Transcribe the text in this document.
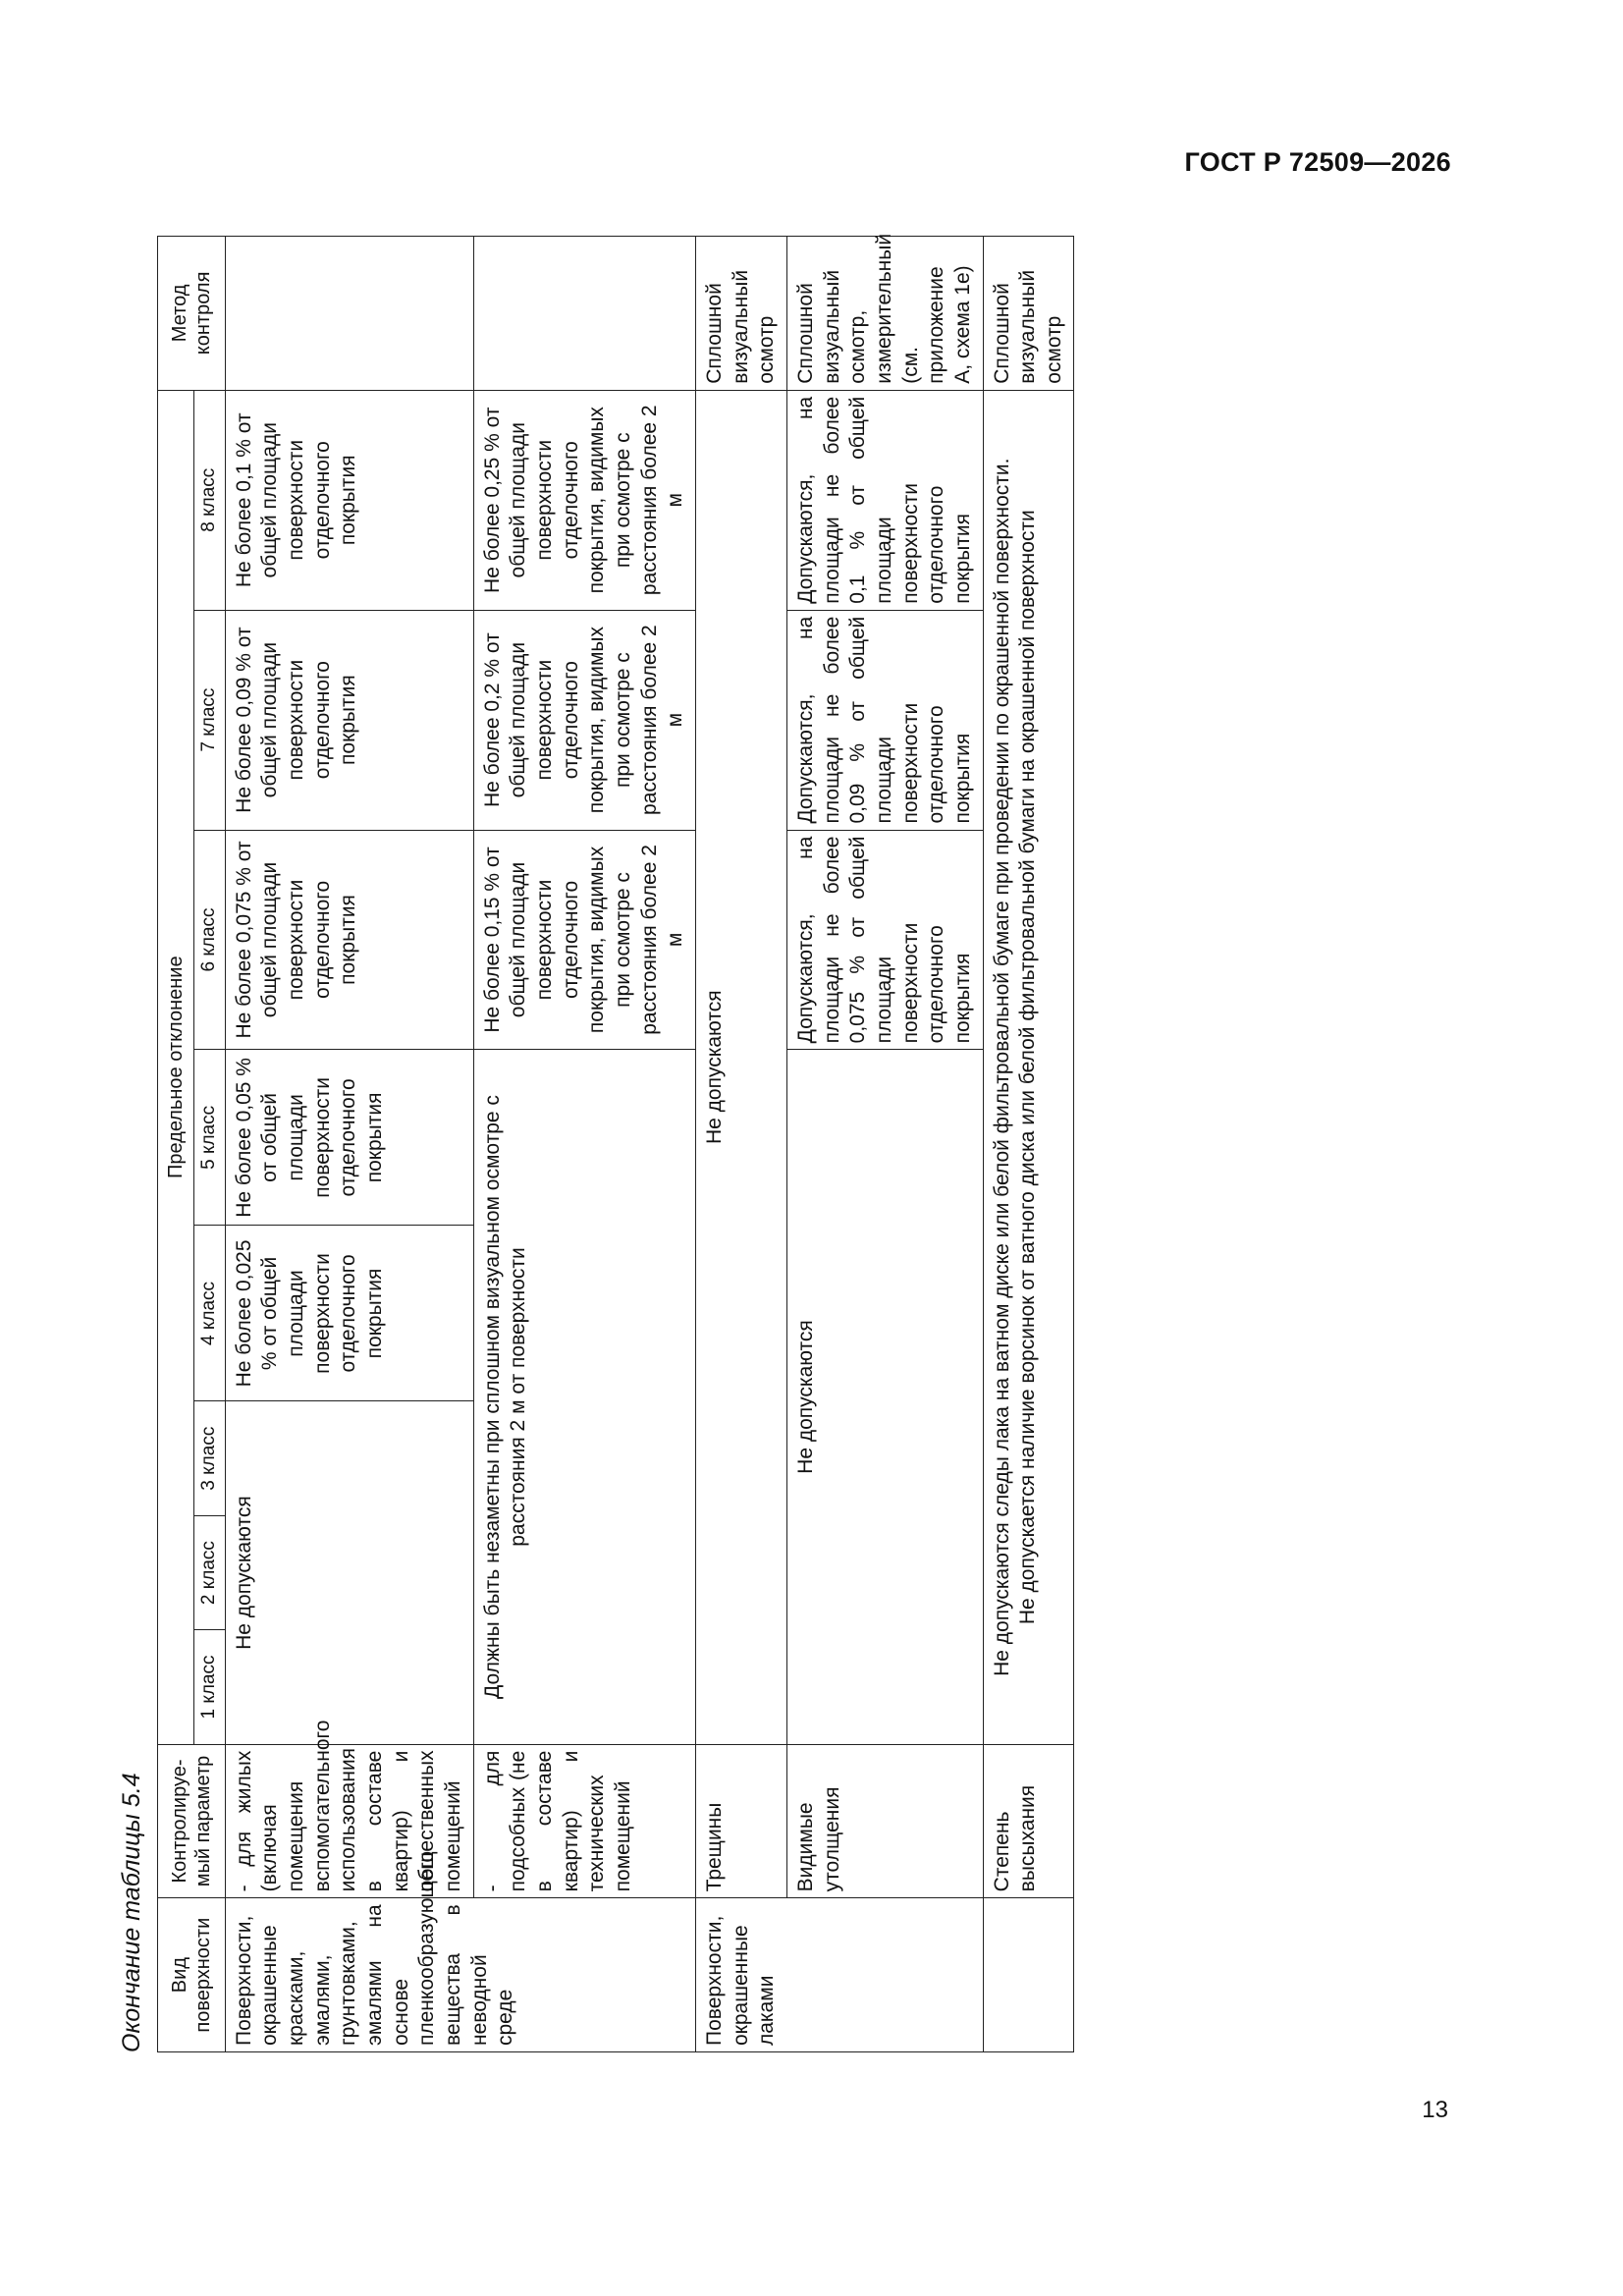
ГОСТ Р 72509—2026
13
Окончание таблицы 5.4 Вид поверхности	Контролируе-мый параметр	Предельное отклонение								Метод контроля
		1 класс	2 класс	3 класс	4 класс	5 класс	6 класс	7 класс	8 класс	
Поверхности, окрашенные красками, эмалями, грунтовками, эмалями на основе пленкообразующего вещества в неводной среде	- для жилых (включая помещения вспомогательного использования в составе квартир) и общественных помещений	Не допускаются			Не более 0,025 % от общей площади поверхности отделочного покрытия	Не более 0,05 % от общей площади поверхности отделочного покрытия	Не более 0,075 % от общей площади поверхности отделочного покрытия	Не более 0,09 % от общей площади поверхности отделочного покрытия	Не более 0,1 % от общей площади поверхности отделочного покрытия	
	- для подсобных (не в составе квартир) и технических помещений	Должны быть незаметны при сплошном визуальном осмотре с расстояния 2 м от поверхности					Не более 0,15 % от общей площади поверхности отделочного покрытия, видимых при осмотре с расстояния более 2 м	Не более 0,2 % от общей площади поверхности отделочного покрытия, видимых при осмотре с расстояния более 2 м	Не более 0,25 % от общей площади поверхности отделочного покрытия, видимых при осмотре с расстояния более 2 м	
Поверхности, окрашенные лаками	Трещины	Не допускаются								Сплошной визуальный осмотр
	Видимые утолщения	Не допускаются					Допускаются, на площади не более 0,075 % от общей площади поверхности отделочного покрытия	Допускаются, на площади не более 0,09 % от общей площади поверхности отделочного покрытия	Допускаются, на площади не более 0,1 % от общей площади поверхности отделочного покрытия	Сплошной визуальный осмотр, измерительный (см. приложение А, схема 1е)
	Степень высыхания	Не допускаются следы лака на ватном диске или белой фильтровальной бумаге при проведении по окрашенной поверхности. Не допускается наличие ворсинок от ватного диска или белой фильтровальной бумаги на окрашенной поверхности								Сплошной визуальный осмотр
